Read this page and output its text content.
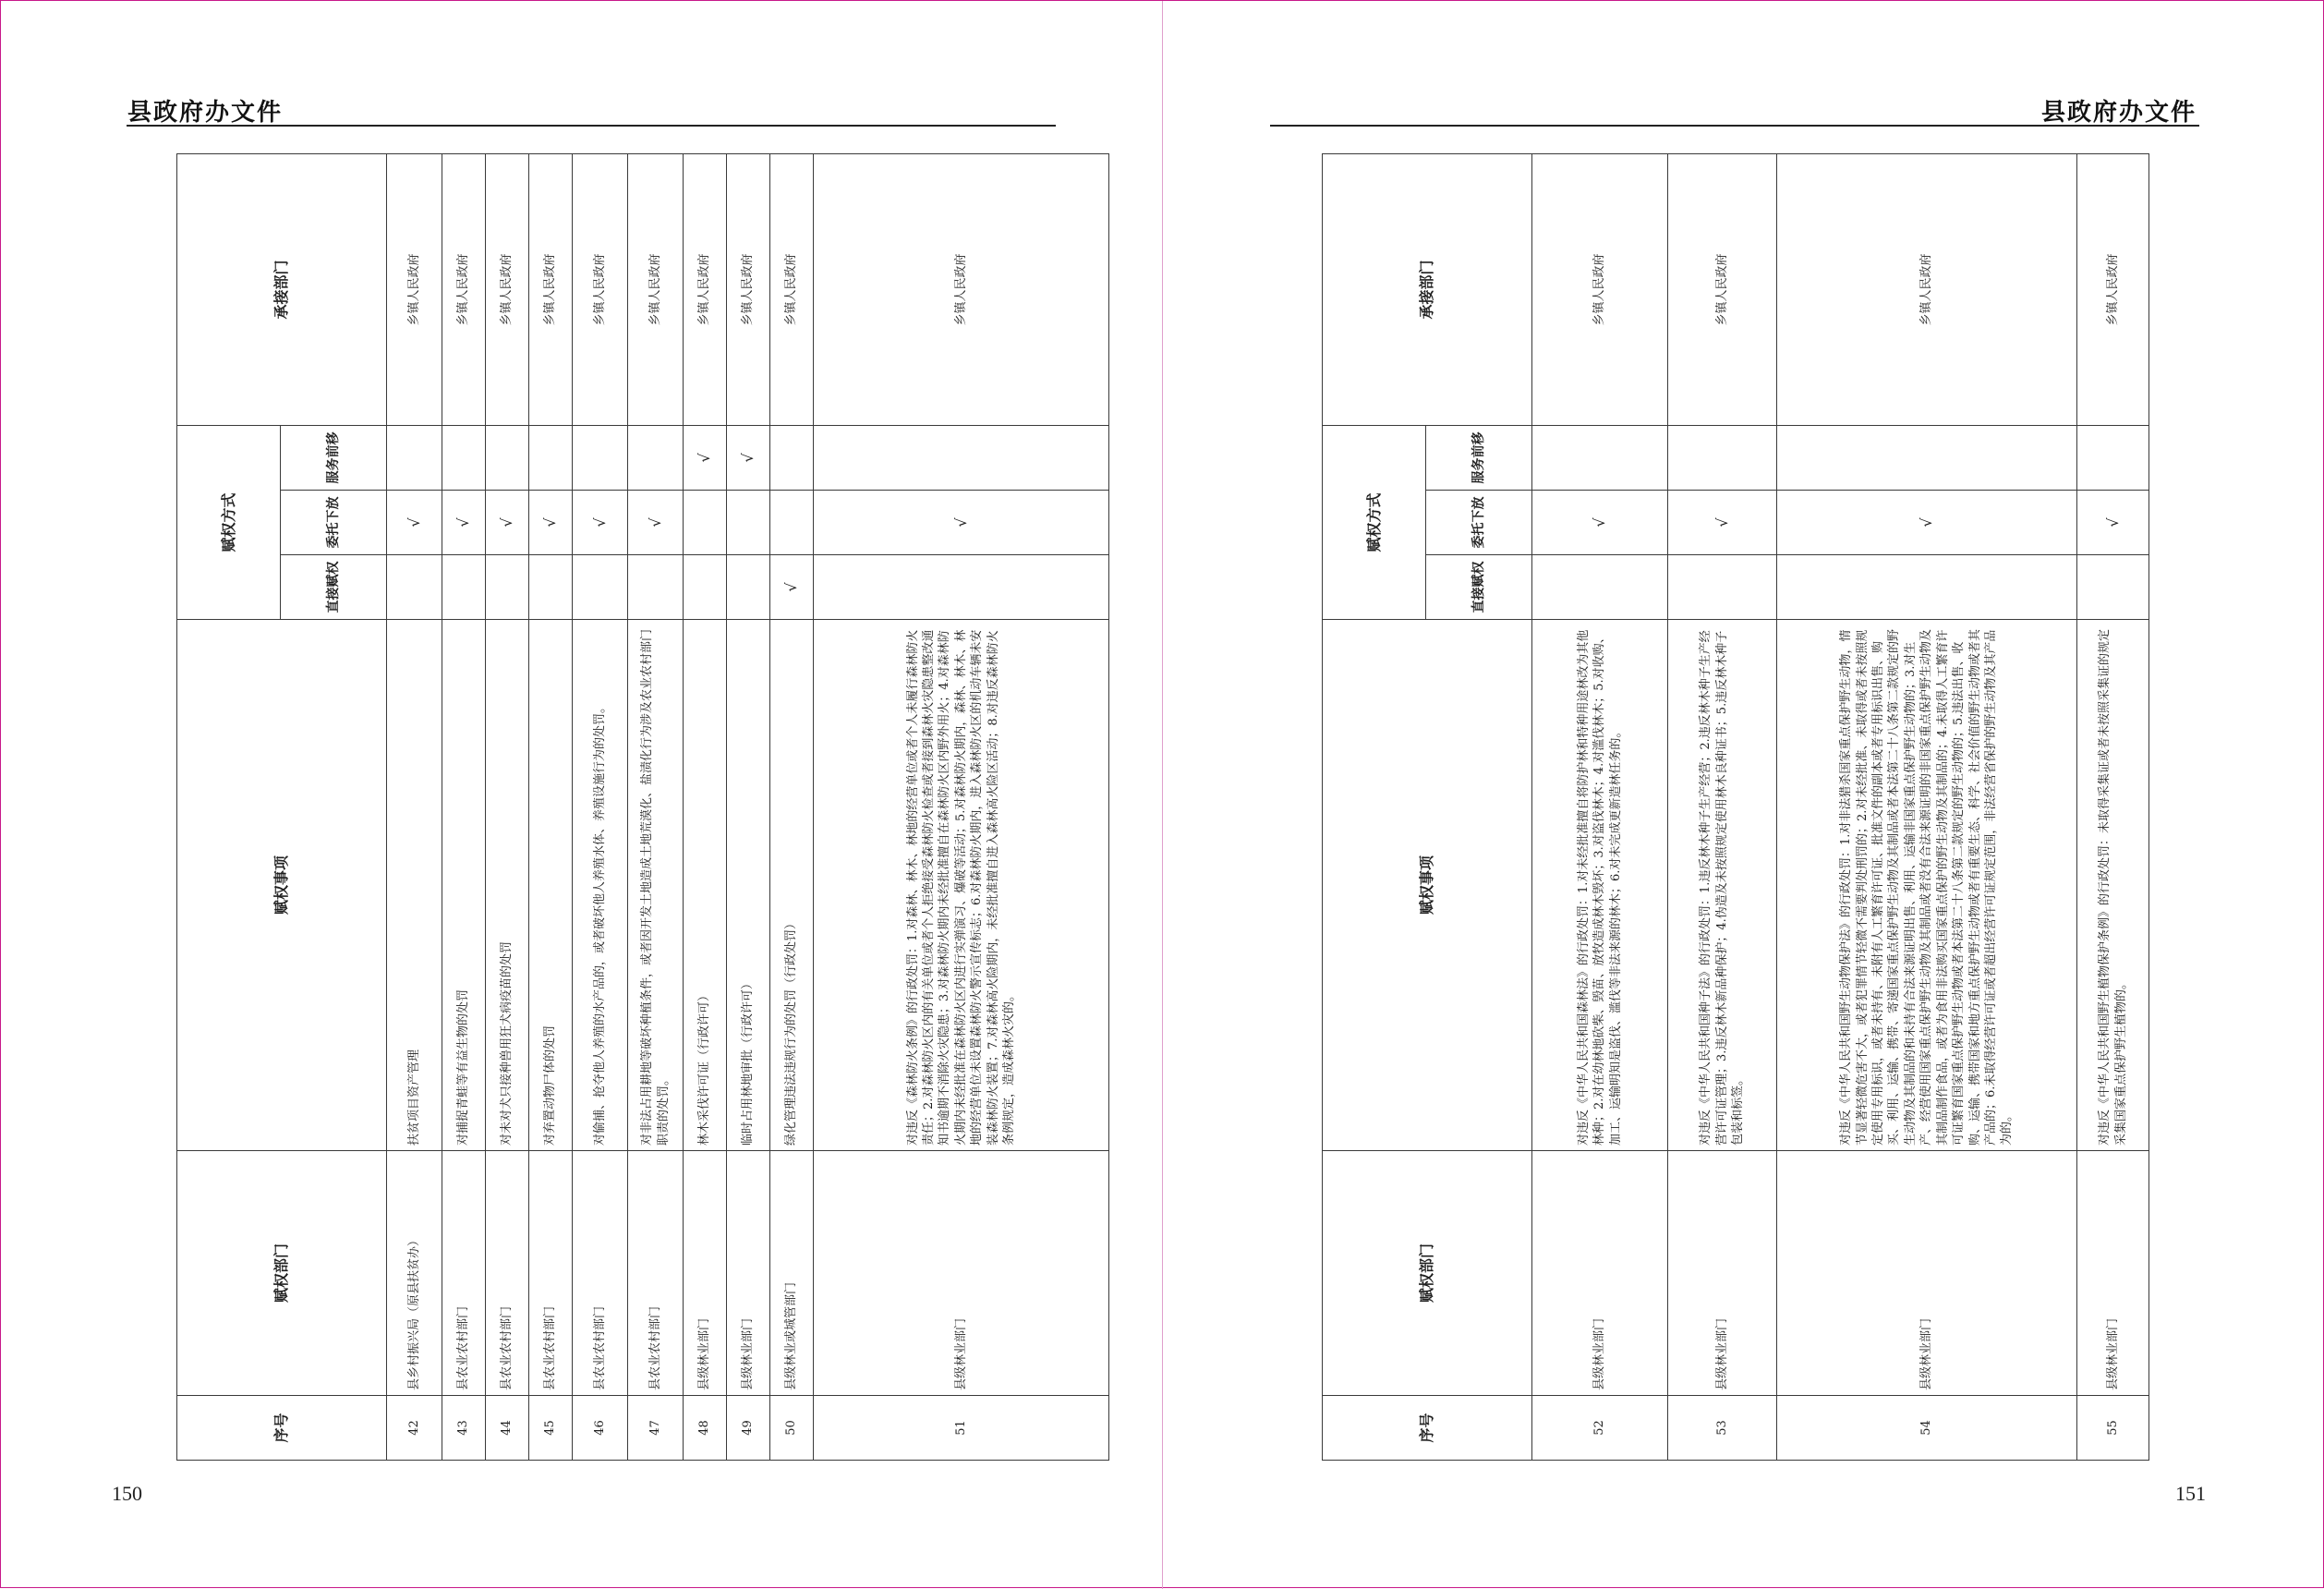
县政府办文件
序号	赋权部门	赋权事项	赋权方式			承接部门
			直接赋权	委托下放	服务前移	
42	县乡村振兴局（原县扶贫办）	扶贫项目资产管理		√		乡镇人民政府
43	县农业农村部门	对捕捉青蛙等有益生物的处罚		√		乡镇人民政府
44	县农业农村部门	对未对犬只接种兽用狂犬病疫苗的处罚		√		乡镇人民政府
45	县农业农村部门	对弃置动物尸体的处罚		√		乡镇人民政府
46	县农业农村部门	对偷捕、抢夺他人养殖的水产品的，或者破坏他人养殖水体、养殖设施行为的处罚。		√		乡镇人民政府
47	县农业农村部门	对非法占用耕地等破坏种植条件，或者因开发土地造成土地荒漠化、盐渍化行为涉及农业农村部门职责的处罚。		√		乡镇人民政府
48	县级林业部门	林木采伐许可证（行政许可）			√	乡镇人民政府
49	县级林业部门	临时占用林地审批（行政许可）			√	乡镇人民政府
50	县级林业或城管部门	绿化管理违法违规行为的处罚（行政处罚）	√			乡镇人民政府
51	县级林业部门	对违反《森林防火条例》的行政处罚：1.对森林、林木、林地的经营单位或者个人未履行森林防火责任；2.对森林防火区内的有关单位或者个人拒绝接受森林防火检查或者接到森林火灾隐患整改通知书逾期不消除火灾隐患；3.对森林防火期内未经批准擅自在森林防火区内野外用火；4.对森林防火期内未经批准在森林防火区内进行实弹演习、爆破等活动；5.对森林防火期内，森林、林木、林地的经营单位未设置森林防火警示宣传标志；6.对森林防火期内，进入森林防火区的机动车辆未安装森林防火装置；7.对森林高火险期内，未经批准擅自进入森林高火险区活动；8.对违反森林防火条例规定，造成森林火灾的。		√		乡镇人民政府
150
县政府办文件
序号	赋权部门	赋权事项	赋权方式			承接部门
			直接赋权	委托下放	服务前移	
52	县级林业部门	对违反《中华人民共和国森林法》的行政处罚：1.对未经批准擅自将防护林和特种用途林改为其他林种；2.对在幼林地砍柴、毁苗、放牧造成林木毁坏；3.对盗伐林木；4.对滥伐林木；5.对收购、加工、运输明知是盗伐、滥伐等非法来源的林木；6.对未完成更新造林任务的。		√		乡镇人民政府
53	县级林业部门	对违反《中华人民共和国种子法》的行政处罚：1.违反林木种子生产经营；2.违反林木种子生产经营许可证管理；3.违反林木新品种保护；4.伪造及未按照规定使用林木良种证书；5.违反林木种子包装和标签。		√		乡镇人民政府
54	县级林业部门	对违反《中华人民共和国野生动物保护法》的行政处罚：1.对非法猎杀国家重点保护野生动物，情节显著轻微危害不大，或者犯罪情节轻微不需要判处刑罚的；2.对未经批准、未取得或者未按照规定使用专用标识，或者未持有、未附有人工繁育许可证、批准文件的副本或者专用标识出售、购买、利用、运输、携带、寄递国家重点保护野生动物及其制品或者本法第二十八条第二款规定的野生动物及其制品的和未持有合法来源证明出售、利用、运输非国家重点保护野生动物的；3.对生产、经营使用国家重点保护野生动物及其制品或者没有合法来源证明的非国家重点保护野生动物及其制品制作食品，或者为食用非法购买国家重点保护的野生动物及其制品的；4.未取得人工繁育许可证繁育国家重点保护野生动物或者本法第二十八条第二款规定的野生动物的；5.违法出售、收购、运输、携带国家和地方重点保护野生动物或者有重要生态、科学、社会价值的野生动物或者其产品的；6.未取得经营许可证或者超出经营许可证规定范围，非法经营省保护的野生动物及其产品为的。		√		乡镇人民政府
55	县级林业部门	对违反《中华人民共和国野生植物保护条例》的行政处罚：未取得采集证或者未按照采集证的规定采集国家重点保护野生植物的。		√		乡镇人民政府
151
